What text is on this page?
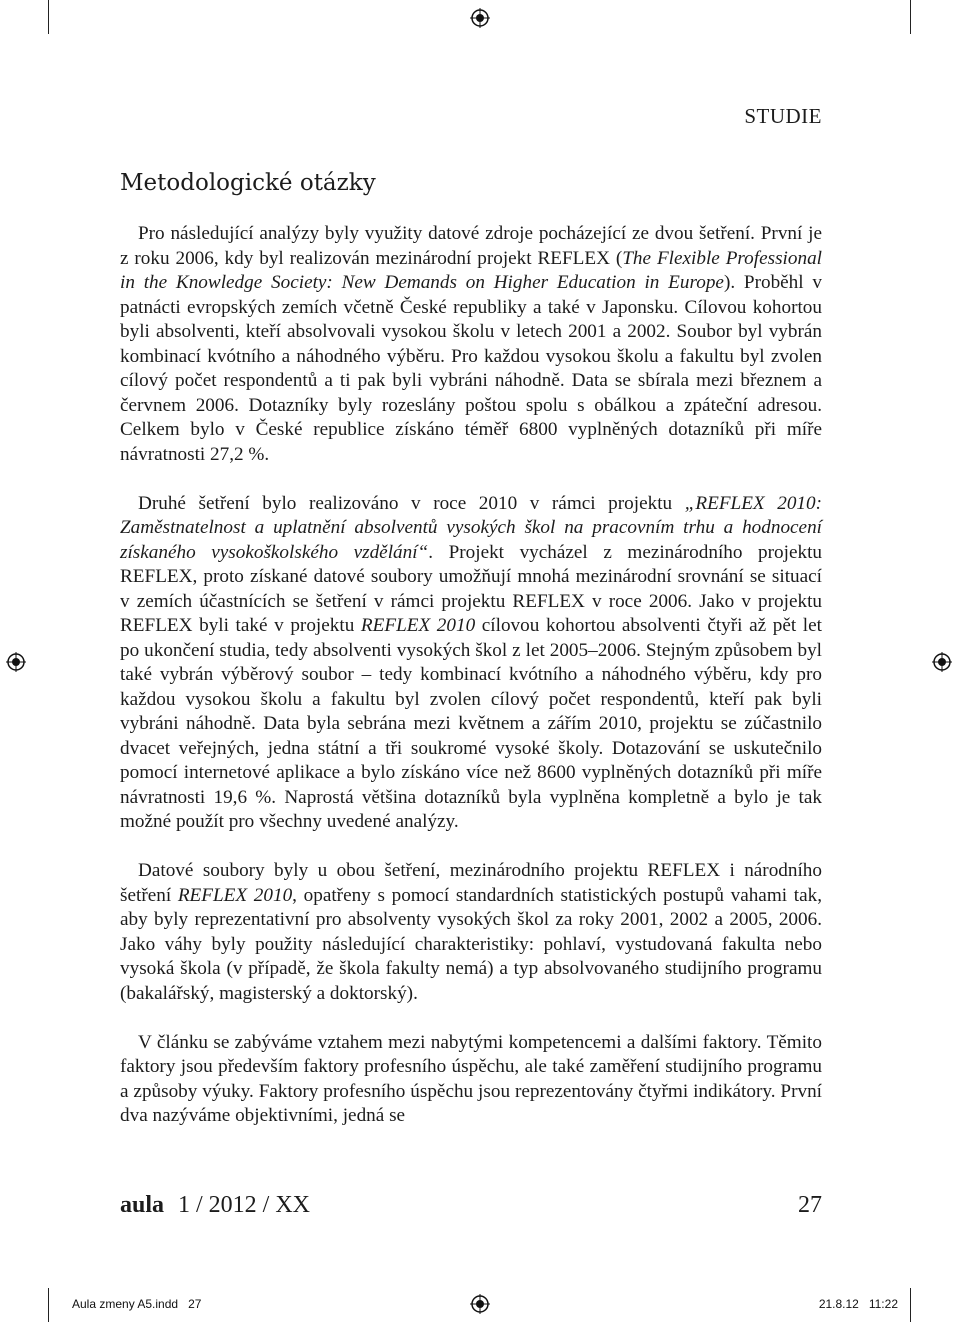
STUDIE
Metodologické otázky

Pro následující analýzy byly využity datové zdroje pocházející ze dvou šetření. První je z roku 2006, kdy byl realizován mezinárodní projekt REFLEX (The Flexible Professional in the Knowledge Society: New Demands on Higher Education in Europe). Proběhl v patnácti evropských zemích včetně České republiky a také v Japonsku. Cílovou kohortou byli absolventi, kteří absolvovali vysokou školu v letech 2001 a 2002. Soubor byl vybrán kombinací kvótního a náhodného výběru. Pro každou vysokou školu a fakultu byl zvolen cílový počet respondentů a ti pak byli vybráni náhodně. Data se sbírala mezi březnem a červnem 2006. Dotazníky byly rozeslány poštou spolu s obálkou a zpáteční adresou. Celkem bylo v České republice získáno téměř 6800 vyplněných dotazníků při míře návratnosti 27,2 %.

Druhé šetření bylo realizováno v roce 2010 v rámci projektu „REFLEX 2010: Zaměstnatelnost a uplatnění absolventů vysokých škol na pracovním trhu a hodnocení získaného vysokoškolského vzdělání“. Projekt vycházel z mezinárodního projektu REFLEX, proto získané datové soubory umožňují mnohá mezinárodní srovnání se situací v zemích účastnících se šetření v rámci projektu REFLEX v roce 2006. Jako v projektu REFLEX byli také v projektu REFLEX 2010 cílovou kohortou absolventi čtyři až pět let po ukončení studia, tedy absolventi vysokých škol z let 2005–2006. Stejným způsobem byl také vybrán výběrový soubor – tedy kombinací kvótního a náhodného výběru, kdy pro každou vysokou školu a fakultu byl zvolen cílový počet respondentů, kteří pak byli vybráni náhodně. Data byla sebrána mezi květnem a zářím 2010, projektu se zúčastnilo dvacet veřejných, jedna státní a tři soukromé vysoké školy. Dotazování se uskutečnilo pomocí internetové aplikace a bylo získáno více než 8600 vyplněných dotazníků při míře návratnosti 19,6 %. Naprostá většina dotazníků byla vyplněna kompletně a bylo je tak možné použít pro všechny uvedené analýzy.

Datové soubory byly u obou šetření, mezinárodního projektu REFLEX i národního šetření REFLEX 2010, opatřeny s pomocí standardních statistických postupů vahami tak, aby byly reprezentativní pro absolventy vysokých škol za roky 2001, 2002 a 2005, 2006. Jako váhy byly použity následující charakteristiky: pohlaví, vystudovaná fakulta nebo vysoká škola (v případě, že škola fakulty nemá) a typ absolvovaného studijního programu (bakalářský, magisterský a doktorský).

V článku se zabýváme vztahem mezi nabytými kompetencemi a dalšími faktory. Těmito faktory jsou především faktory profesního úspěchu, ale také zaměření studijního programu a způsoby výuky. Faktory profesního úspěchu jsou reprezentovány čtyřmi indikátory. První dva nazýváme objektivními, jedná se

aula 1 / 2012 / XX	27
Aula zmeny A5.indd   27	21.8.12   11:22
